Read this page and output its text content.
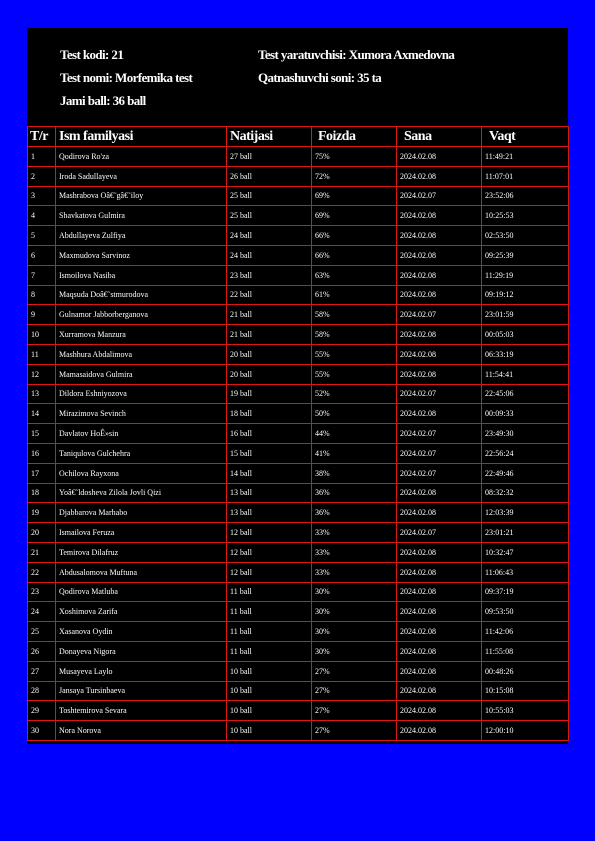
Test kodi: 21	Test yaratuvchisi: Xumora Axmedovna
Test nomi: Morfemika test	Qatnashuvchi soni: 35 ta
Jami ball: 36 ball
T/r	Ism familyasi	Natijasi	Foizda	Sana	Vaqt
1	Qodirova Ro'za	27 ball	75%	2024.02.08	11:49:21
2	Iroda Sadullayeva	26 ball	72%	2024.02.08	11:07:01
3	Mashrabova Oâ€˜gâ€˜iloy	25 ball	69%	2024.02.07	23:52:06
4	Shavkatova Gulmira	25 ball	69%	2024.02.08	10:25:53
5	Abdullayeva Zulfiya	24 ball	66%	2024.02.08	02:53:50
6	Maxmudova Sarvinoz	24 ball	66%	2024.02.08	09:25:39
7	Ismoilova Nasiba	23 ball	63%	2024.02.08	11:29:19
8	Maqsuda Doâ€˜stmurodova	22 ball	61%	2024.02.08	09:19:12
9	Gulnamor Jabborberganova	21 ball	58%	2024.02.07	23:01:59
10	Xurramova Manzura	21 ball	58%	2024.02.08	00:05:03
11	Mashhura Abdalimova	20 ball	55%	2024.02.08	06:33:19
12	Mamasaidova Gulmira	20 ball	55%	2024.02.08	11:54:41
13	Dildora Eshniyozova	19 ball	52%	2024.02.07	22:45:06
14	Mirazimova Sevinch	18 ball	50%	2024.02.08	00:09:33
15	Davlatov HoÊ»sin	16 ball	44%	2024.02.07	23:49:30
16	Taniqulova Gulchehra	15 ball	41%	2024.02.07	22:56:24
17	Ochilova Rayxona	14 ball	38%	2024.02.07	22:49:46
18	Yoâ€˜ldosheva Zilola Jovli Qizi	13 ball	36%	2024.02.08	08:32:32
19	Djabbarova Marhabo	13 ball	36%	2024.02.08	12:03:39
20	Ismailova Feruza	12 ball	33%	2024.02.07	23:01:21
21	Temirova Dilafruz	12 ball	33%	2024.02.08	10:32:47
22	Abdusalomova Muftuna	12 ball	33%	2024.02.08	11:06:43
23	Qodirova Matluba	11 ball	30%	2024.02.08	09:37:19
24	Xoshimova Zarifa	11 ball	30%	2024.02.08	09:53:50
25	Xasanova Oydin	11 ball	30%	2024.02.08	11:42:06
26	Donayeva Nigora	11 ball	30%	2024.02.08	11:55:08
27	Musayeva Laylo	10 ball	27%	2024.02.08	00:48:26
28	Jansaya Tursinbaeva	10 ball	27%	2024.02.08	10:15:08
29	Toshtemirova Sevara	10 ball	27%	2024.02.08	10:55:03
30	Nora Norova	10 ball	27%	2024.02.08	12:00:10
